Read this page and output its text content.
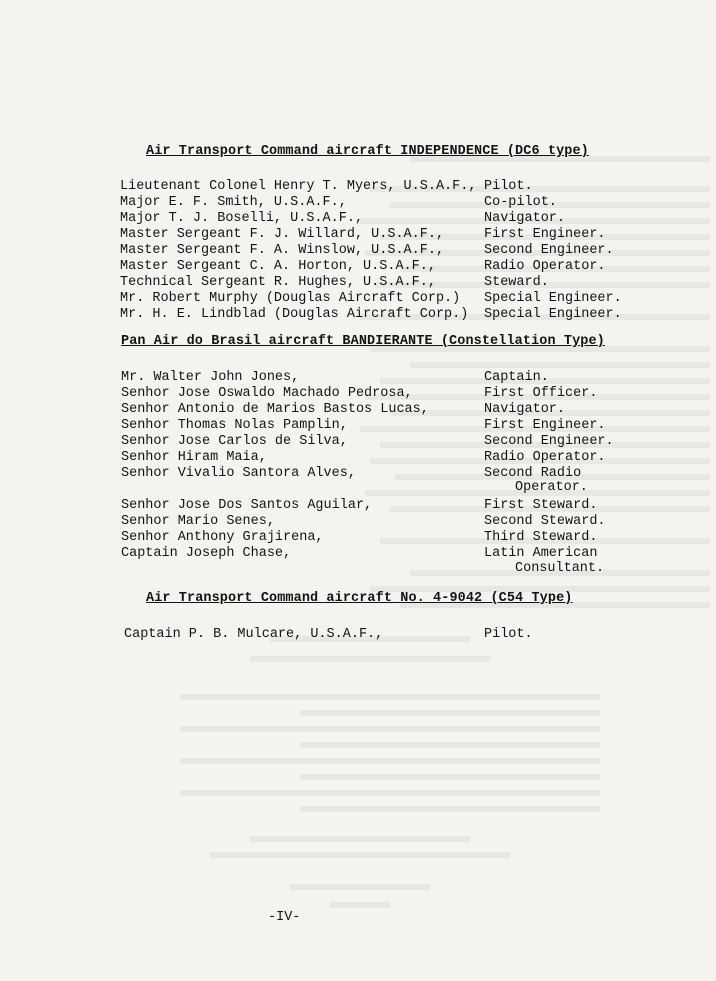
Air Transport Command aircraft INDEPENDENCE (DC6 type)
Lieutenant Colonel Henry T. Myers, U.S.A.F., Pilot.
Major E. F. Smith, U.S.A.F.,	Co-pilot.
Major T. J. Boselli, U.S.A.F.,	Navigator.
Master Sergeant F. J. Willard, U.S.A.F.,	First Engineer.
Master Sergeant F. A. Winslow, U.S.A.F.,	Second Engineer.
Master Sergeant C. A. Horton, U.S.A.F.,	Radio Operator.
Technical Sergeant R. Hughes, U.S.A.F.,	Steward.
Mr. Robert Murphy (Douglas Aircraft Corp.) Special Engineer.
Mr. H. E. Lindblad (Douglas Aircraft Corp.) Special Engineer.
Pan Air do Brasil aircraft BANDIERANTE (Constellation Type)
Mr. Walter John Jones,	Captain.
Senhor Jose Oswaldo Machado Pedrosa,	First Officer.
Senhor Antonio de Marios Bastos Lucas,	Navigator.
Senhor Thomas Nolas Pamplin,	First Engineer.
Senhor Jose Carlos de Silva,	Second Engineer.
Senhor Hiram Maia,	Radio Operator.
Senhor Vivalio Santora Alves,	Second Radio
Operator.
Senhor Jose Dos Santos Aguilar,	First Steward.
Senhor Mario Senes,	Second Steward.
Senhor Anthony Grajirena,	Third Steward.
Captain Joseph Chase,	Latin American
Consultant.
Air Transport Command aircraft No. 4-9042 (C54 Type)
Captain P. B. Mulcare, U.S.A.F.,	Pilot.
-IV-
